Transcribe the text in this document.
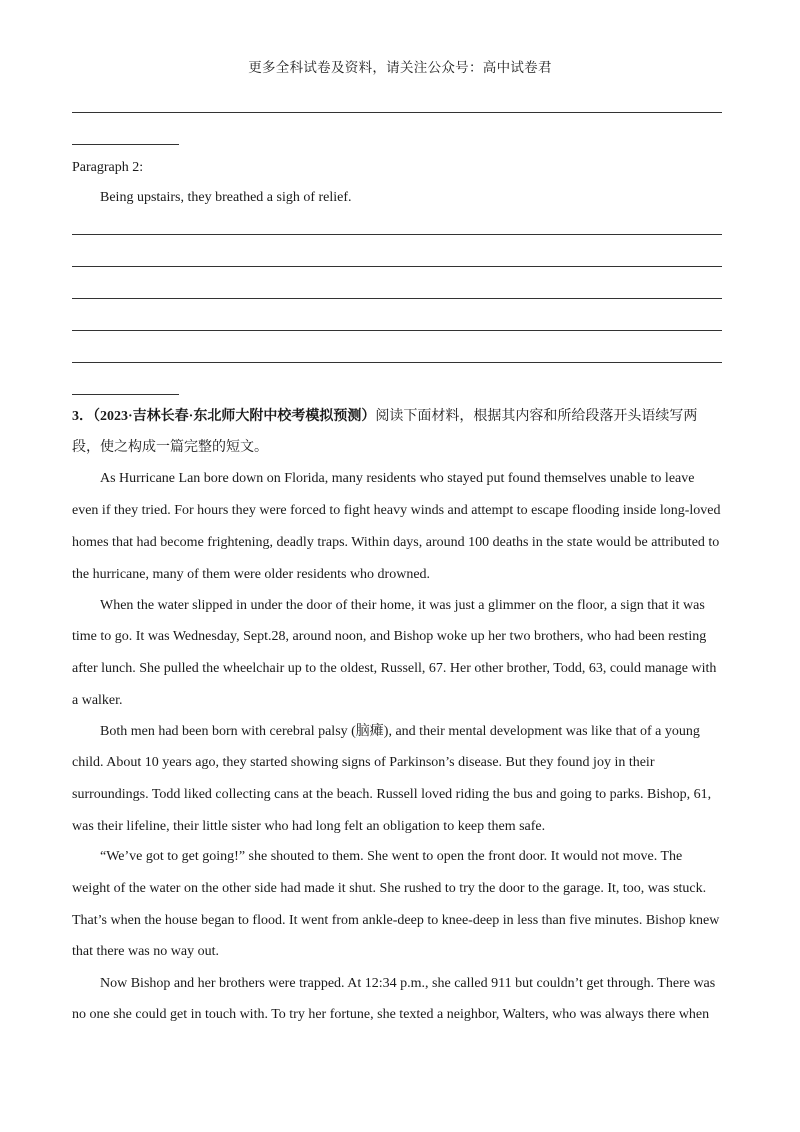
更多全科试卷及资料，请关注公众号：高中试卷君
Paragraph 2:
Being upstairs, they breathed a sigh of relief.
3．（2023·吉林长春·东北师大附中校考模拟预测）阅读下面材料，根据其内容和所给段落开头语续写两
段，使之构成一篇完整的短文。
As Hurricane Lan bore down on Florida, many residents who stayed put found themselves unable to leave
even if they tried. For hours they were forced to fight heavy winds and attempt to escape flooding inside long-loved
homes that had become frightening, deadly traps. Within days, around 100 deaths in the state would be attributed to
the hurricane, many of them were older residents who drowned.
When the water slipped in under the door of their home, it was just a glimmer on the floor, a sign that it was
time to go. It was Wednesday, Sept.28, around noon, and Bishop woke up her two brothers, who had been resting
after lunch. She pulled the wheelchair up to the oldest, Russell, 67. Her other brother, Todd, 63, could manage with
a walker.
Both men had been born with cerebral palsy (脑瘫), and their mental development was like that of a young
child. About 10 years ago, they started showing signs of Parkinson’s disease. But they found joy in their
surroundings. Todd liked collecting cans at the beach. Russell loved riding the bus and going to parks. Bishop, 61,
was their lifeline, their little sister who had long felt an obligation to keep them safe.
“We’ve got to get going!” she shouted to them. She went to open the front door. It would not move. The
weight of the water on the other side had made it shut. She rushed to try the door to the garage. It, too, was stuck.
That’s when the house began to flood. It went from ankle-deep to knee-deep in less than five minutes. Bishop knew
that there was no way out.
Now Bishop and her brothers were trapped. At 12:34 p.m., she called 911 but couldn’t get through. There was
no one she could get in touch with. To try her fortune, she texted a neighbor, Walters, who was always there when
